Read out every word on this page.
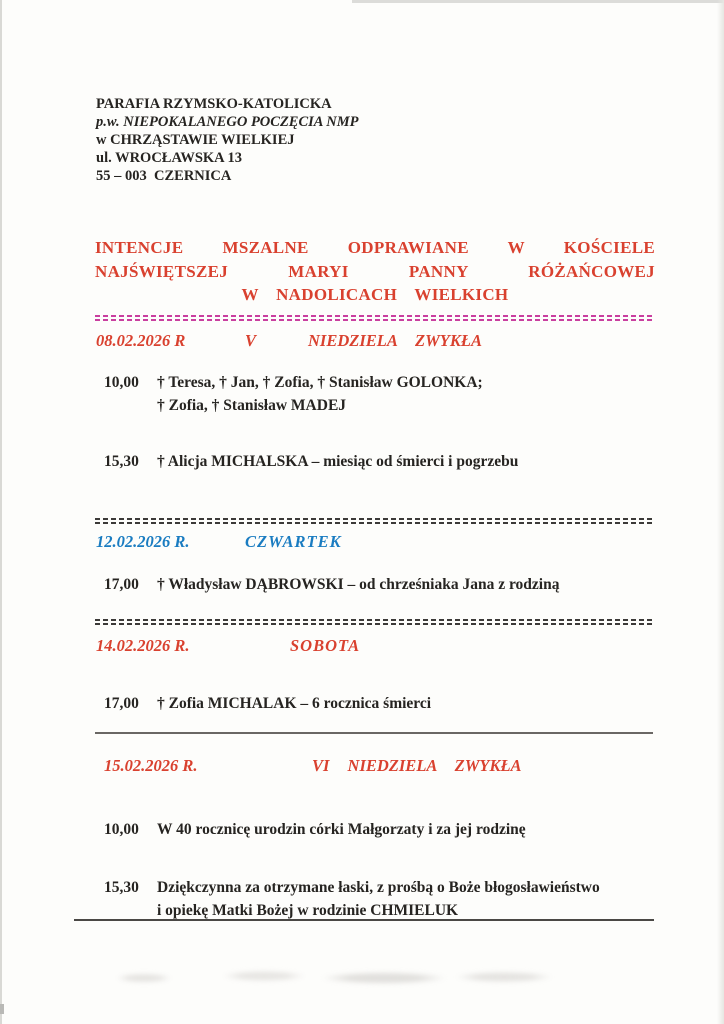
PARAFIA RZYMSKO-KATOLICKA
p.w. NIEPOKALANEGO POCZĘCIA NMP
w CHRZĄSTAWIE WIELKIEJ
ul. WROCŁAWSKA 13
55 – 003  CZERNICA
INTENCJE MSZALNE ODPRAWIANE W KOŚCIELE
NAJŚWIĘTSZEJ MARYI PANNY RÓŻAŃCOWEJ
W NADOLICACH WIELKICH
08.02.2026 R	V	NIEDZIELA ZWYKŁA
10,00 † Teresa, † Jan, † Zofia, † Stanisław GOLONKA;
† Zofia, † Stanisław MADEJ
15,30 † Alicja MICHALSKA – miesiąc od śmierci i pogrzebu
12.02.2026 R.	CZWARTEK
17,00 † Władysław DĄBROWSKI – od chrześniaka Jana z rodziną
14.02.2026 R.	SOBOTA
17,00 † Zofia MICHALAK – 6 rocznica śmierci
15.02.2026 R.	VI NIEDZIELA ZWYKŁA
10,00 W 40 rocznicę urodzin córki Małgorzaty i za jej rodzinę
15,30 Dziękczynna za otrzymane łaski, z prośbą o Boże błogosławieństwo
i opiekę Matki Bożej w rodzinie CHMIELUK
